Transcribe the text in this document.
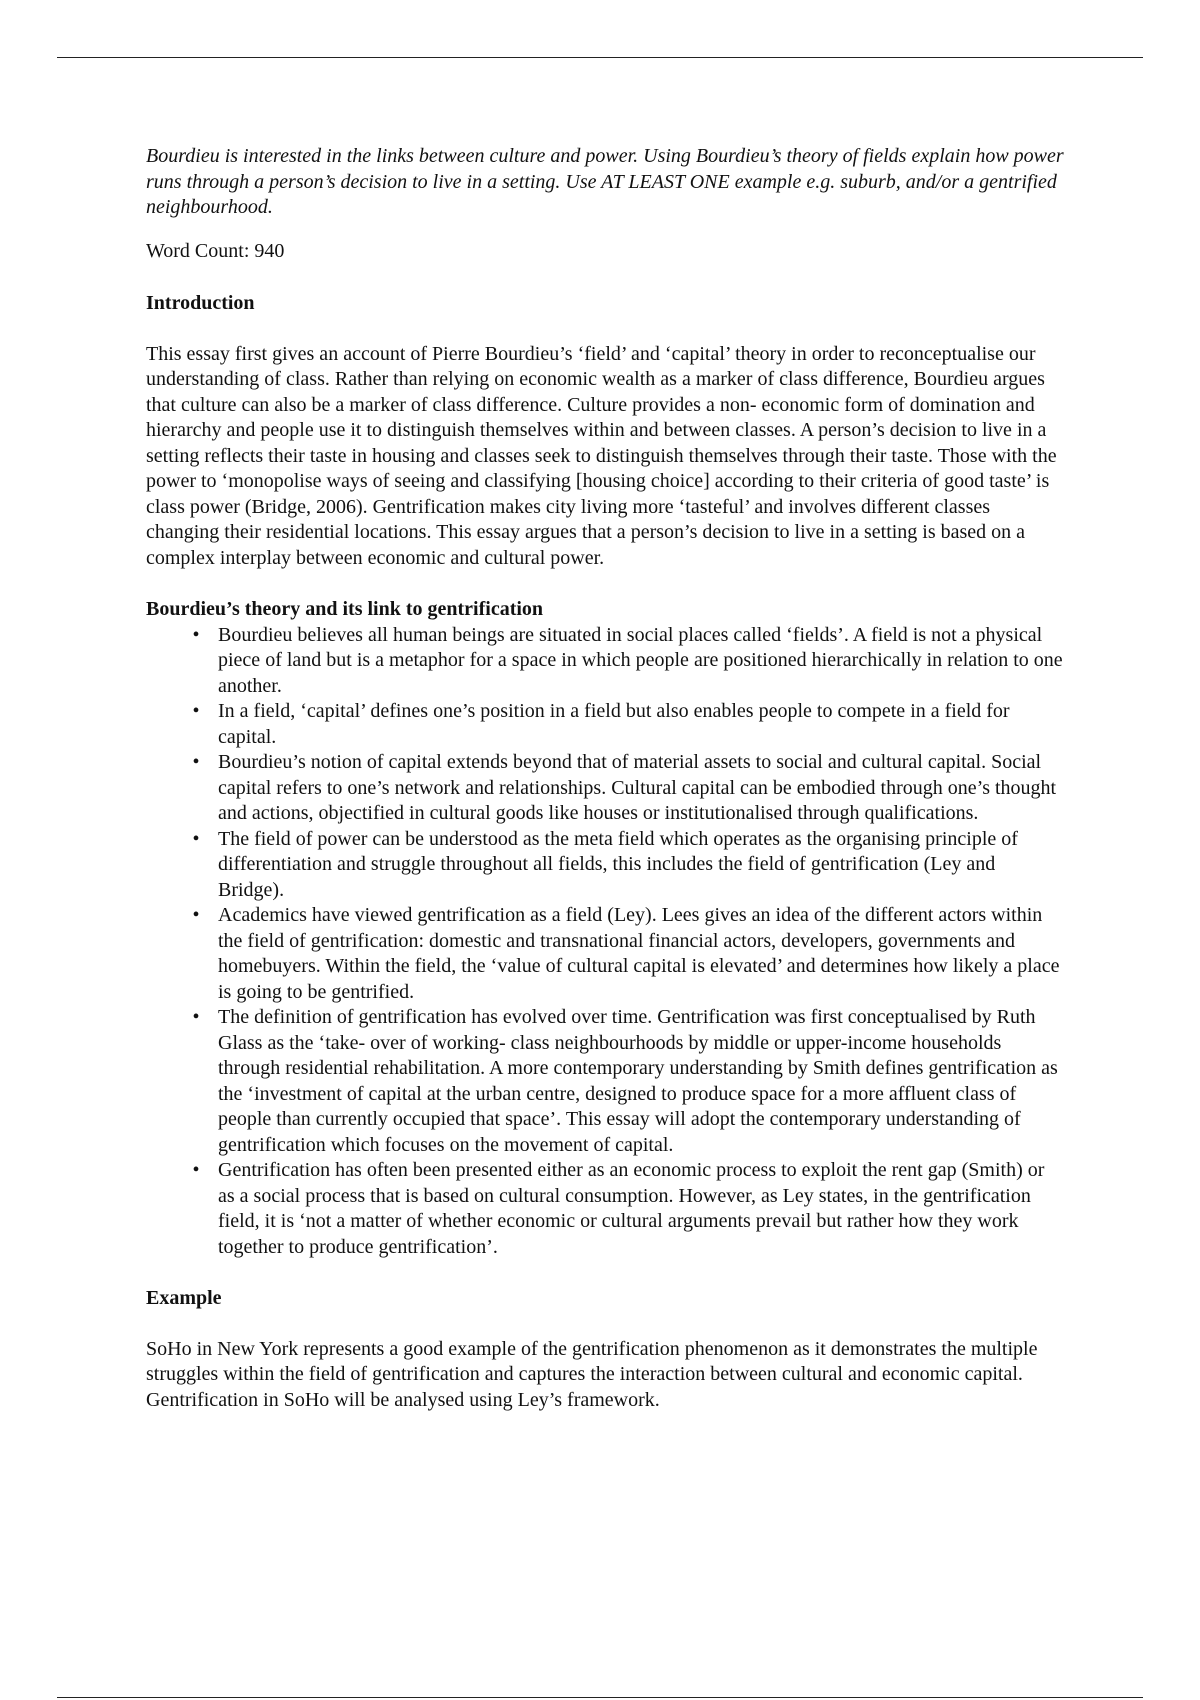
Bourdieu is interested in the links between culture and power. Using Bourdieu’s theory of fields explain how power runs through a person’s decision to live in a setting. Use AT LEAST ONE example e.g. suburb, and/or a gentrified neighbourhood.

Word Count: 940

Introduction

This essay first gives an account of Pierre Bourdieu’s ‘field’ and ‘capital’ theory in order to reconceptualise our understanding of class. Rather than relying on economic wealth as a marker of class difference, Bourdieu argues that culture can also be a marker of class difference. Culture provides a non- economic form of domination and hierarchy and people use it to distinguish themselves within and between classes. A person’s decision to live in a setting reflects their taste in housing and classes seek to distinguish themselves through their taste. Those with the power to ‘monopolise ways of seeing and classifying [housing choice] according to their criteria of good taste’ is class power (Bridge, 2006). Gentrification makes city living more ‘tasteful’ and involves different classes changing their residential locations. This essay argues that a person’s decision to live in a setting is based on a complex interplay between economic and cultural power.

Bourdieu’s theory and its link to gentrification

• Bourdieu believes all human beings are situated in social places called ‘fields’. A field is not a physical piece of land but is a metaphor for a space in which people are positioned hierarchically in relation to one another.
• In a field, ‘capital’ defines one’s position in a field but also enables people to compete in a field for capital.
• Bourdieu’s notion of capital extends beyond that of material assets to social and cultural capital. Social capital refers to one’s network and relationships. Cultural capital can be embodied through one’s thought and actions, objectified in cultural goods like houses or institutionalised through qualifications.
• The field of power can be understood as the meta field which operates as the organising principle of differentiation and struggle throughout all fields, this includes the field of gentrification (Ley and Bridge).
• Academics have viewed gentrification as a field (Ley). Lees gives an idea of the different actors within the field of gentrification: domestic and transnational financial actors, developers, governments and homebuyers. Within the field, the ‘value of cultural capital is elevated’ and determines how likely a place is going to be gentrified.
• The definition of gentrification has evolved over time. Gentrification was first conceptualised by Ruth Glass as the ‘take- over of working- class neighbourhoods by middle or upper-income households through residential rehabilitation. A more contemporary understanding by Smith defines gentrification as the ‘investment of capital at the urban centre, designed to produce space for a more affluent class of people than currently occupied that space’. This essay will adopt the contemporary understanding of gentrification which focuses on the movement of capital.
• Gentrification has often been presented either as an economic process to exploit the rent gap (Smith) or as a social process that is based on cultural consumption. However, as Ley states, in the gentrification field, it is ‘not a matter of whether economic or cultural arguments prevail but rather how they work together to produce gentrification’.

Example

SoHo in New York represents a good example of the gentrification phenomenon as it demonstrates the multiple struggles within the field of gentrification and captures the interaction between cultural and economic capital. Gentrification in SoHo will be analysed using Ley’s framework.
